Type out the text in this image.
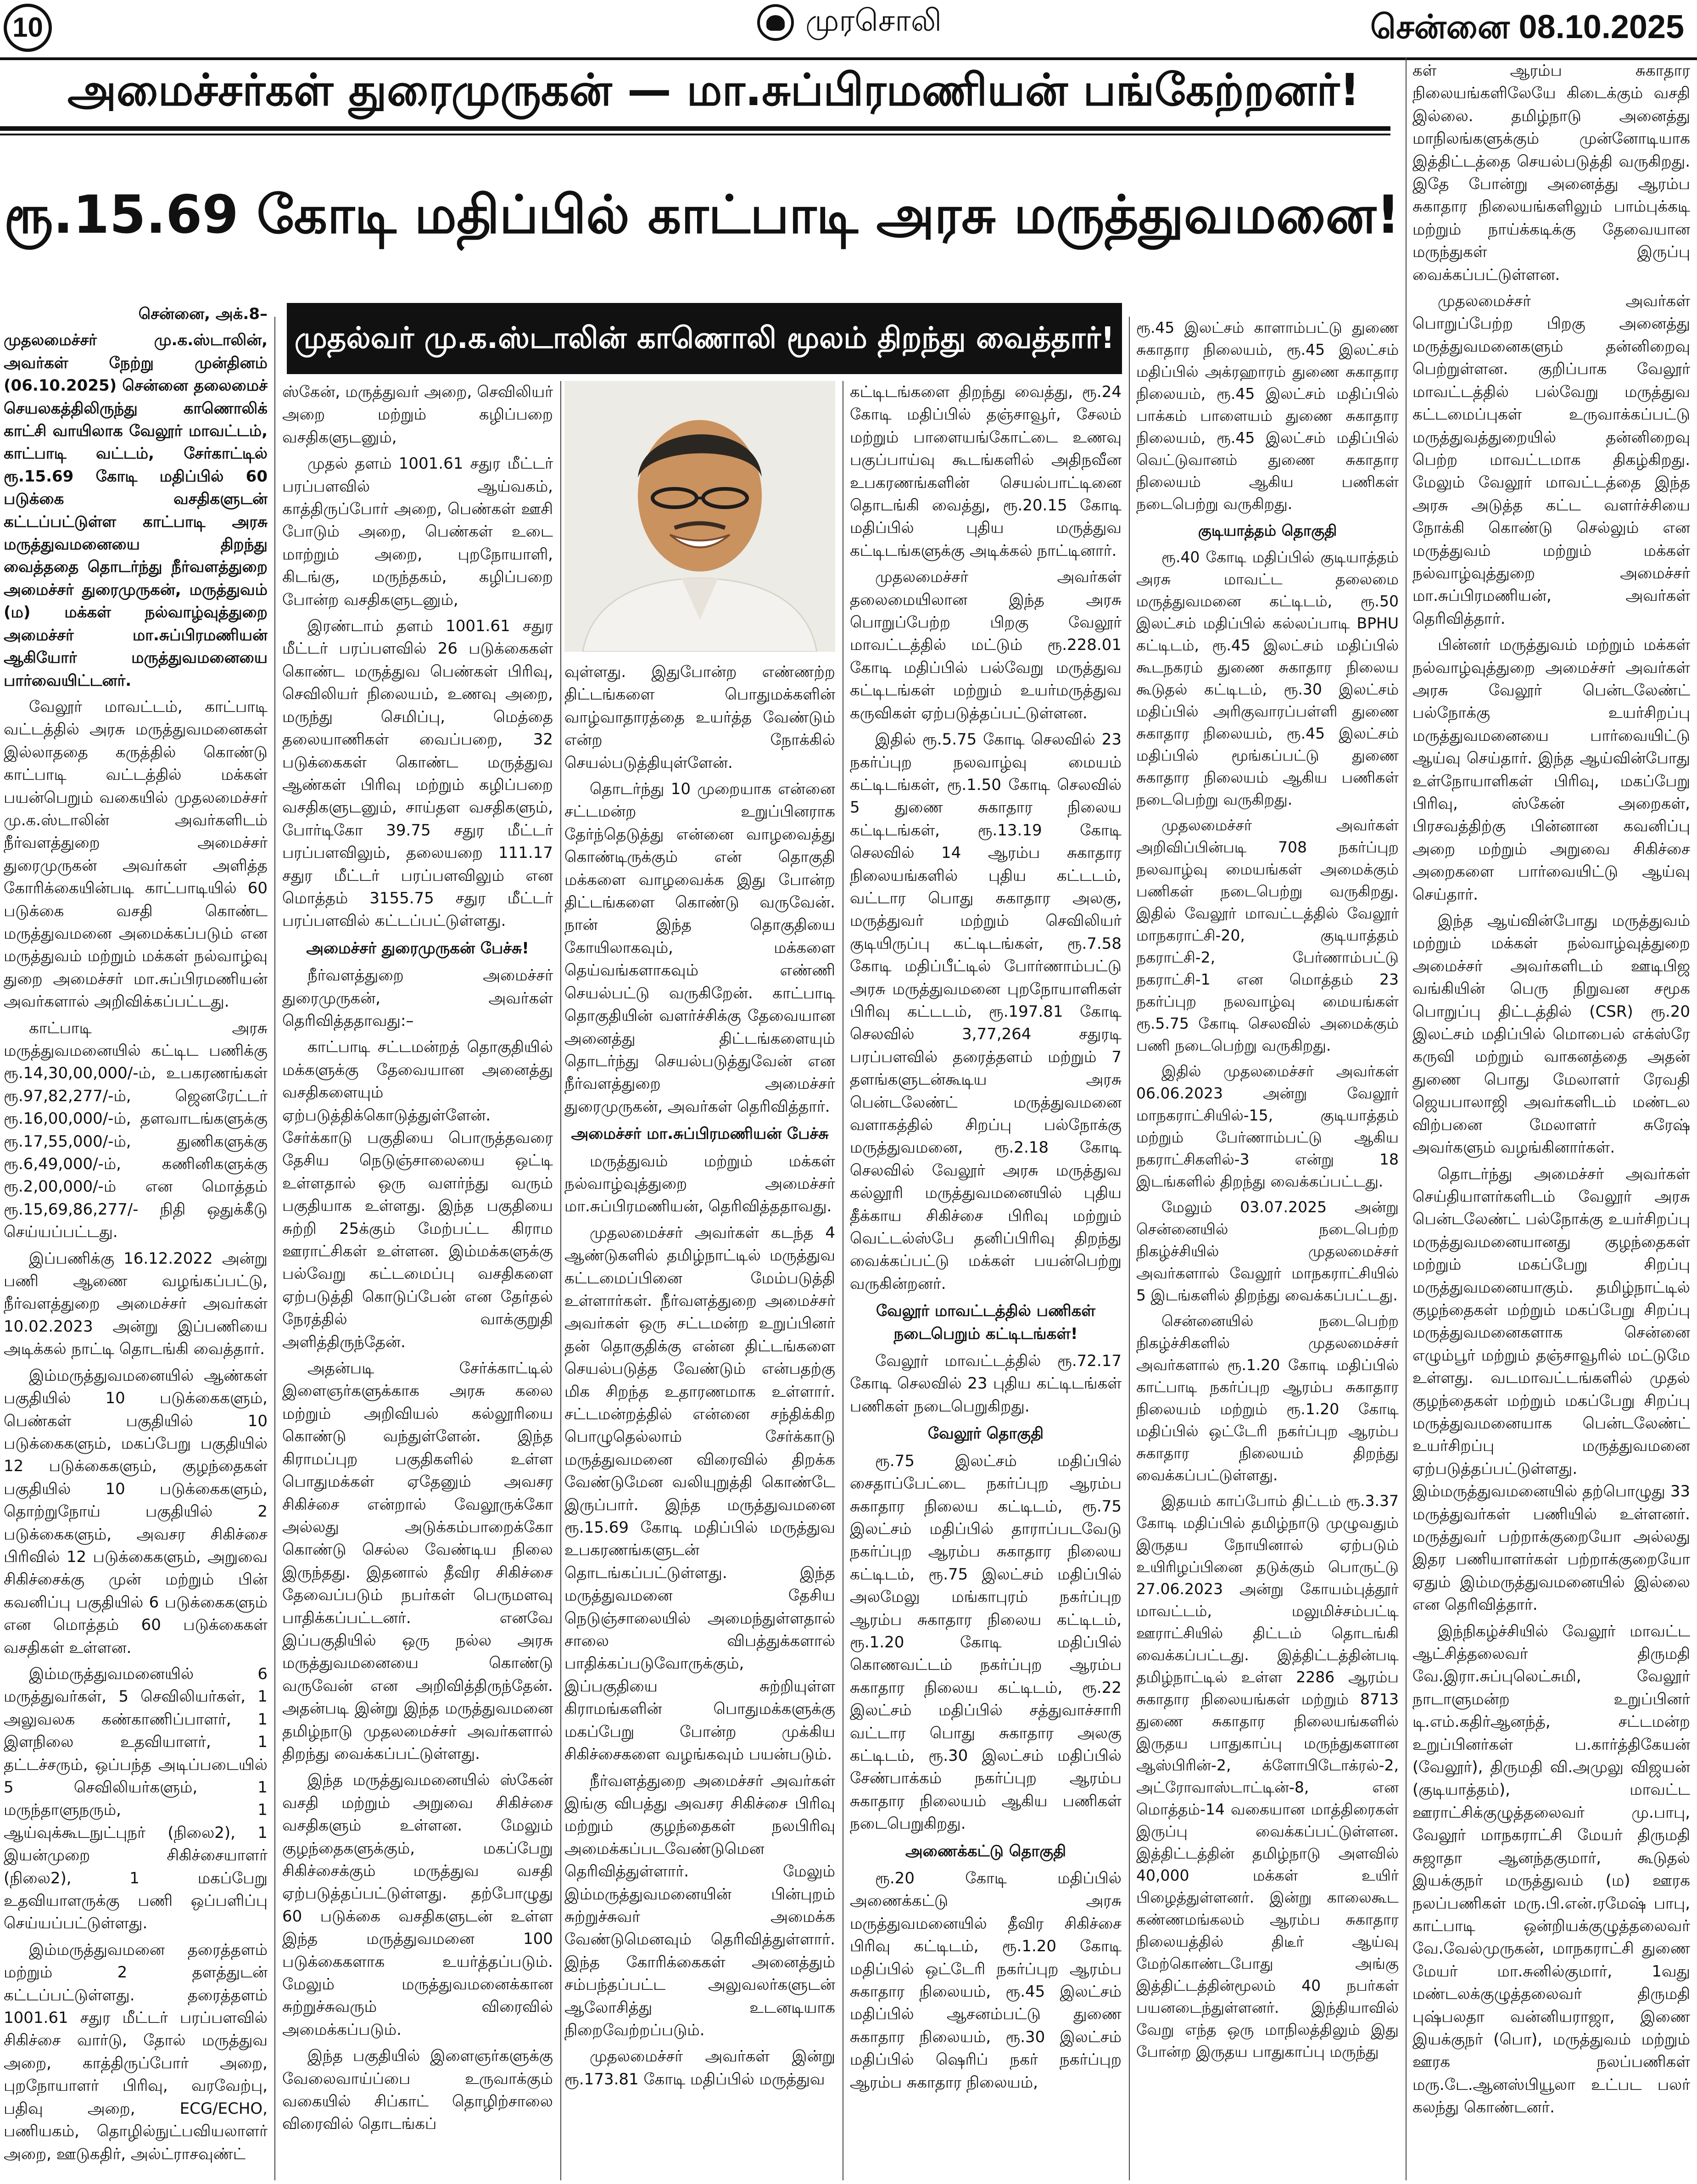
10	முரசொலி	சென்னை 08.10.2025
அமைச்சர்கள் துரைமுருகன் — மா.சுப்பிரமணியன் பங்கேற்றனர்!
ரூ.15.69 கோடி மதிப்பில் காட்பாடி அரசு மருத்துவமனை!
முதல்வர் மு.க.ஸ்டாலின் காணொலி மூலம் திறந்து வைத்தார்!

சென்னை, அக்.8–

முதலமைச்சர் மு.க.ஸ்டாலின், அவர்கள் நேற்று முன்தினம் (06.10.2025) சென்னை தலைமைச் செயலகத்திலிருந்து காணொலிக் காட்சி வாயிலாக வேலூர் மாவட்டம், காட்பாடி வட்டம், சேர்காட்டில் ரூ.15.69 கோடி மதிப்பில் 60 படுக்கை வசதிகளுடன் கட்டப்பட்டுள்ள காட்பாடி அரசு மருத்துவமனையை திறந்து வைத்ததை தொடர்ந்து நீர்வளத்துறை அமைச்சர் துரைமுருகன், மருத்துவம் (ம) மக்கள் நல்வாழ்வுத்துறை அமைச்சர் மா.சுப்பிரமணியன் ஆகியோர் மருத்துவமனையை பார்வையிட்டனர்.

வேலூர் மாவட்டம், காட்பாடி வட்டத்தில் அரசு மருத்துவமனைகள் இல்லாததை கருத்தில் கொண்டு காட்பாடி வட்டத்தில் மக்கள் பயன்பெறும் வகையில் முதலமைச்சர் மு.க.ஸ்டாலின் அவர்களிடம் நீர்வளத்துறை அமைச்சர் துரைமுருகன் அவர்கள் அளித்த கோரிக்கையின்படி காட்பாடியில் 60 படுக்கை வசதி கொண்ட மருத்துவமனை அமைக்கப்படும் என மருத்துவம் மற்றும் மக்கள் நல்வாழ்வு துறை அமைச்சர் மா.சுப்பிரமணியன் அவர்களால் அறிவிக்கப்பட்டது.

காட்பாடி அரசு மருத்துவமனையில் கட்டிட பணிக்கு ரூ.14,30,00,000/-ம், உபகரணங்கள் ரூ.97,82,277/-ம், ஜெனரேட்டர் ரூ.16,00,000/-ம், தளவாடங்களுக்கு ரூ.17,55,000/-ம், துணிகளுக்கு ரூ.6,49,000/-ம், கணினிகளுக்கு ரூ.2,00,000/-ம் என மொத்தம் ரூ.15,69,86,277/- நிதி ஒதுக்கீடு செய்யப்பட்டது.

இப்பணிக்கு 16.12.2022 அன்று பணி ஆணை வழங்கப்பட்டு, நீர்வளத்துறை அமைச்சர் அவர்கள் 10.02.2023 அன்று இப்பணியை அடிக்கல் நாட்டி தொடங்கி வைத்தார்.

இம்மருத்துவமனையில் ஆண்கள் பகுதியில் 10 படுக்கைகளும், பெண்கள் பகுதியில் 10 படுக்கைகளும், மகப்பேறு பகுதியில் 12 படுக்கைகளும், குழந்தைகள் பகுதியில் 10 படுக்கைகளும், தொற்றுநோய் பகுதியில் 2 படுக்கைகளும், அவசர சிகிச்சை பிரிவில் 12 படுக்கைகளும், அறுவை சிகிச்சைக்கு முன் மற்றும் பின் கவனிப்பு பகுதியில் 6 படுக்கைகளும் என மொத்தம் 60 படுக்கைகள் வசதிகள் உள்ளன.

இம்மருத்துவமனையில் 6 மருத்துவர்கள், 5 செவிலியர்கள், 1 அலுவலக கண்காணிப்பாளர், 1 இளநிலை உதவியாளர், 1 தட்டச்சரும், ஒப்பந்த அடிப்படையில் 5 செவிலியர்களும், 1 மருந்தாளுநரும், 1 ஆய்வுக்கூடநுட்புநர் (நிலை2), 1 இயன்முறை சிகிச்சையாளர் (நிலை2), 1 மகப்பேறு உதவியாளருக்கு பணி ஒப்பளிப்பு செய்யப்பட்டுள்ளது.

இம்மருத்துவமனை தரைத்தளம் மற்றும் 2 தளத்துடன் கட்டப்பட்டுள்ளது. தரைத்தளம் 1001.61 சதுர மீட்டர் பரப்பளவில் சிகிச்சை வார்டு, தோல் மருத்துவ அறை, காத்திருப்போர் அறை, புறநோயாளர் பிரிவு, வரவேற்பு, பதிவு அறை, ECG/ECHO, பணியகம், தொழில்நுட்பவியலாளர் அறை, ஊடுகதிர், அல்ட்ராசவுண்ட்

ஸ்கேன், மருத்துவர் அறை, செவிலியர் அறை மற்றும் கழிப்பறை வசதிகளுடனும்,

முதல் தளம் 1001.61 சதுர மீட்டர் பரப்பளவில் ஆய்வகம், காத்திருப்போர் அறை, பெண்கள் ஊசி போடும் அறை, பெண்கள் உடை மாற்றும் அறை, புறநோயாளி, கிடங்கு, மருந்தகம், கழிப்பறை போன்ற வசதிகளுடனும்,

இரண்டாம் தளம் 1001.61 சதுர மீட்டர் பரப்பளவில் 26 படுக்கைகள் கொண்ட மருத்துவ பெண்கள் பிரிவு, செவிலியர் நிலையம், உணவு அறை, மருந்து செமிப்பு, மெத்தை தலையாணிகள் வைப்பறை, 32 படுக்கைகள் கொண்ட மருத்துவ ஆண்கள் பிரிவு மற்றும் கழிப்பறை வசதிகளுடனும், சாய்தள வசதிகளும், போர்டிகோ 39.75 சதுர மீட்டர் பரப்பளவிலும், தலையறை 111.17 சதுர மீட்டர் பரப்பளவிலும் என மொத்தம் 3155.75 சதுர மீட்டர் பரப்பளவில் கட்டப்பட்டுள்ளது.

அமைச்சர் துரைமுருகன் பேச்சு!

நீர்வளத்துறை அமைச்சர் துரைமுருகன், அவர்கள் தெரிவித்ததாவது:–

காட்பாடி சட்டமன்றத் தொகுதியில் மக்களுக்கு தேவையான அனைத்து வசதிகளையும் ஏற்படுத்திக்கொடுத்துள்ளேன். சேர்க்காடு பகுதியை பொருத்தவரை தேசிய நெடுஞ்சாலையை ஒட்டி உள்ளதால் ஒரு வளர்ந்து வரும் பகுதியாக உள்ளது. இந்த பகுதியை சுற்றி 25க்கும் மேற்பட்ட கிராம ஊராட்சிகள் உள்ளன. இம்மக்களுக்கு பல்வேறு கட்டமைப்பு வசதிகளை ஏற்படுத்தி கொடுப்பேன் என தேர்தல் நேரத்தில் வாக்குறுதி அளித்திருந்தேன்.

அதன்படி சேர்க்காட்டில் இளைஞர்களுக்காக அரசு கலை மற்றும் அறிவியல் கல்லூரியை கொண்டு வந்துள்ளேன். இந்த கிராமப்புற பகுதிகளில் உள்ள பொதுமக்கள் ஏதேனும் அவசர சிகிச்சை என்றால் வேலூருக்கோ அல்லது அடுக்கம்பாறைக்கோ கொண்டு செல்ல வேண்டிய நிலை இருந்தது. இதனால் தீவிர சிகிச்சை தேவைப்படும் நபர்கள் பெருமளவு பாதிக்கப்பட்டனர். எனவே இப்பகுதியில் ஒரு நல்ல அரசு மருத்துவமனையை கொண்டு வருவேன் என அறிவித்திருந்தேன். அதன்படி இன்று இந்த மருத்துவமனை தமிழ்நாடு முதலமைச்சர் அவர்களால் திறந்து வைக்கப்பட்டுள்ளது.

இந்த மருத்துவமனையில் ஸ்கேன் வசதி மற்றும் அறுவை சிகிச்சை வசதிகளும் உள்ளன. மேலும் குழந்தைகளுக்கும், மகப்பேறு சிகிச்சைக்கும் மருத்துவ வசதி ஏற்படுத்தப்பட்டுள்ளது. தற்போழுது 60 படுக்கை வசதிகளுடன் உள்ள இந்த மருத்துவமனை 100 படுக்கைகளாக உயர்த்தப்படும். மேலும் மருத்துவமனைக்கான சுற்றுச்சுவரும் விரைவில் அமைக்கப்படும்.

இந்த பகுதியில் இளைஞர்களுக்கு வேலைவாய்ப்பை உருவாக்கும் வகையில் சிப்காட் தொழிற்சாலை விரைவில் தொடங்கப்

வுள்ளது. இதுபோன்ற எண்ணற்ற திட்டங்களை பொதுமக்களின் வாழ்வாதாரத்தை உயர்த்த வேண்டும் என்ற நோக்கில் செயல்படுத்தியுள்ளேன்.

தொடர்ந்து 10 முறையாக என்னை சட்டமன்ற உறுப்பினராக தேர்ந்தெடுத்து என்னை வாழவைத்து கொண்டிருக்கும் என் தொகுதி மக்களை வாழவைக்க இது போன்ற திட்டங்களை கொண்டு வருவேன். நான் இந்த தொகுதியை கோயிலாகவும், மக்களை தெய்வங்களாகவும் எண்ணி செயல்பட்டு வருகிறேன். காட்பாடி தொகுதியின் வளர்ச்சிக்கு தேவையான அனைத்து திட்டங்களையும் தொடர்ந்து செயல்படுத்துவேன் என நீர்வளத்துறை அமைச்சர் துரைமுருகன், அவர்கள் தெரிவித்தார்.

அமைச்சர் மா.சுப்பிரமணியன் பேச்சு

மருத்துவம் மற்றும் மக்கள் நல்வாழ்வுத்துறை அமைச்சர் மா.சுப்பிரமணியன், தெரிவித்ததாவது.

முதலமைச்சர் அவர்கள் கடந்த 4 ஆண்டுகளில் தமிழ்நாட்டில் மருத்துவ கட்டமைப்பினை மேம்படுத்தி உள்ளார்கள். நீர்வளத்துறை அமைச்சர் அவர்கள் ஒரு சட்டமன்ற உறுப்பினர் தன் தொகுதிக்கு என்ன திட்டங்களை செயல்படுத்த வேண்டும் என்பதற்கு மிக சிறந்த உதாரணமாக உள்ளார். சட்டமன்றத்தில் என்னை சந்திக்கிற பொழுதெல்லாம் சேர்க்காடு மருத்துவமனை விரைவில் திறக்க வேண்டுமேன வலியுறுத்தி கொண்டே இருப்பார். இந்த மருத்துவமனை ரூ.15.69 கோடி மதிப்பில் மருத்துவ உபகரணங்களுடன் தொடங்கப்பட்டுள்ளது. இந்த மருத்துவமனை தேசிய நெடுஞ்சாலையில் அமைந்துள்ளதால் சாலை விபத்துக்களால் பாதிக்கப்படுவோருக்கும், இப்பகுதியை சுற்றியுள்ள கிராமங்களின் பொதுமக்களுக்கு மகப்பேறு போன்ற முக்கிய சிகிச்சைகளை வழங்கவும் பயன்படும்.

நீர்வளத்துறை அமைச்சர் அவர்கள் இங்கு விபத்து அவசர சிகிச்சை பிரிவு மற்றும் குழந்தைகள் நலபிரிவு அமைக்கப்படவேண்டுமென தெரிவித்துள்ளார். மேலும் இம்மருத்துவமனையின் பின்புறம் சுற்றுச்சுவர் அமைக்க வேண்டுமெனவும் தெரிவித்துள்ளார். இந்த கோரிக்கைகள் அனைத்தும் சம்பந்தப்பட்ட அலுவலர்களுடன் ஆலோசித்து உடனடியாக நிறைவேற்றப்படும்.

முதலமைச்சர் அவர்கள் இன்று ரூ.173.81 கோடி மதிப்பில் மருத்துவ

கட்டிடங்களை திறந்து வைத்து, ரூ.24 கோடி மதிப்பில் தஞ்சாவூர், சேலம் மற்றும் பாளையங்கோட்டை உணவு பகுப்பாய்வு கூடங்களில் அதிநவீன உபகரணங்களின் செயல்பாட்டினை தொடங்கி வைத்து, ரூ.20.15 கோடி மதிப்பில் புதிய மருத்துவ கட்டிடங்களுக்கு அடிக்கல் நாட்டினார்.

முதலமைச்சர் அவர்கள் தலைமையிலான இந்த அரசு பொறுப்பேற்ற பிறகு வேலூர் மாவட்டத்தில் மட்டும் ரூ.228.01 கோடி மதிப்பில் பல்வேறு மருத்துவ கட்டிடங்கள் மற்றும் உயர்மருத்துவ கருவிகள் ஏற்படுத்தப்பட்டுள்ளன.

இதில் ரூ.5.75 கோடி செலவில் 23 நகர்ப்புற நலவாழ்வு மையம் கட்டிடங்கள், ரூ.1.50 கோடி செலவில் 5 துணை சுகாதார நிலைய கட்டிடங்கள், ரூ.13.19 கோடி செலவில் 14 ஆரம்ப சுகாதார நிலையங்களில் புதிய கட்டடம், வட்டார பொது சுகாதார அலகு, மருத்துவர் மற்றும் செவிலியர் குடியிருப்பு கட்டிடங்கள், ரூ.7.58 கோடி மதிப்பீட்டில் போர்ணாம்பட்டு அரசு மருத்துவமனை புறநோயாளிகள் பிரிவு கட்டடம், ரூ.197.81 கோடி செலவில் 3,77,264 சதுரடி பரப்பளவில் தரைத்தளம் மற்றும் 7 தளங்களுடன்கூடிய அரசு பென்டலேண்ட் மருத்துவமனை வளாகத்தில் சிறப்பு பல்நோக்கு மருத்துவமனை, ரூ.2.18 கோடி செலவில் வேலூர் அரசு மருத்துவ கல்லூரி மருத்துவமனையில் புதிய தீக்காய சிகிச்சை பிரிவு மற்றும் வெட்டல்ஸ்பே தனிப்பிரிவு திறந்து வைக்கப்பட்டு மக்கள் பயன்பெற்று வருகின்றனர்.

வேலூர் மாவட்டத்தில் பணிகள் நடைபெறும் கட்டிடங்கள்!

வேலூர் மாவட்டத்தில் ரூ.72.17 கோடி செலவில் 23 புதிய கட்டிடங்கள் பணிகள் நடைபெறுகிறது.

வேலூர் தொகுதி

ரூ.75 இலட்சம் மதிப்பில் சைதாப்பேட்டை நகர்ப்புற ஆரம்ப சுகாதார நிலைய கட்டிடம், ரூ.75 இலட்சம் மதிப்பில் தாராப்படவேடு நகர்ப்புற ஆரம்ப சுகாதார நிலைய கட்டிடம், ரூ.75 இலட்சம் மதிப்பில் அலமேலு மங்காபுரம் நகர்ப்புற ஆரம்ப சுகாதார நிலைய கட்டிடம், ரூ.1.20 கோடி மதிப்பில் கொணவட்டம் நகர்ப்புற ஆரம்ப சுகாதார நிலைய கட்டிடம், ரூ.22 இலட்சம் மதிப்பில் சத்துவாச்சாரி வட்டார பொது சுகாதார அலகு கட்டிடம், ரூ.30 இலட்சம் மதிப்பில் சேண்பாக்கம் நகர்ப்புற ஆரம்ப சுகாதார நிலையம் ஆகிய பணிகள் நடைபெறுகிறது.

அணைக்கட்டு தொகுதி

ரூ.20 கோடி மதிப்பில் அணைக்கட்டு அரசு மருத்துவமனையில் தீவிர சிகிச்சை பிரிவு கட்டிடம், ரூ.1.20 கோடி மதிப்பில் ஒட்டேரி நகர்ப்புற ஆரம்ப சுகாதார நிலையம், ரூ.45 இலட்சம் மதிப்பில் ஆசனம்பட்டு துணை சுகாதார நிலையம், ரூ.30 இலட்சம் மதிப்பில் ஷெரிப் நகர் நகர்ப்புற ஆரம்ப சுகாதார நிலையம்,

ரூ.45 இலட்சம் காளாம்பட்டு துணை சுகாதார நிலையம், ரூ.45 இலட்சம் மதிப்பில் அக்ரஹாரம் துணை சுகாதார நிலையம், ரூ.45 இலட்சம் மதிப்பில் பாக்கம் பாளையம் துணை சுகாதார நிலையம், ரூ.45 இலட்சம் மதிப்பில் வெட்டுவானம் துணை சுகாதார நிலையம் ஆகிய பணிகள் நடைபெற்று வருகிறது.

குடியாத்தம் தொகுதி

ரூ.40 கோடி மதிப்பில் குடியாத்தம் அரசு மாவட்ட தலைமை மருத்துவமனை கட்டிடம், ரூ.50 இலட்சம் மதிப்பில் கல்லப்பாடி BPHU கட்டிடம், ரூ.45 இலட்சம் மதிப்பில் கூடநகரம் துணை சுகாதார நிலைய கூடுதல் கட்டிடம், ரூ.30 இலட்சம் மதிப்பில் அரிகுவாரப்பள்ளி துணை சுகாதார நிலையம், ரூ.45 இலட்சம் மதிப்பில் மூங்கப்பட்டு துணை சுகாதார நிலையம் ஆகிய பணிகள் நடைபெற்று வருகிறது.

முதலமைச்சர் அவர்கள் அறிவிப்பின்படி 708 நகர்ப்புற நலவாழ்வு மையங்கள் அமைக்கும் பணிகள் நடைபெற்று வருகிறது. இதில் வேலூர் மாவட்டத்தில் வேலூர் மாநகராட்சி-20, குடியாத்தம் நகராட்சி-2, பேர்ணாம்பட்டு நகராட்சி-1 என மொத்தம் 23 நகர்ப்புற நலவாழ்வு மையங்கள் ரூ.5.75 கோடி செலவில் அமைக்கும் பணி நடைபெற்று வருகிறது.

இதில் முதலமைச்சர் அவர்கள் 06.06.2023 அன்று வேலூர் மாநகராட்சியில்-15, குடியாத்தம் மற்றும் பேர்ணாம்பட்டு ஆகிய நகராட்சிகளில்-3 என்று 18 இடங்களில் திறந்து வைக்கப்பட்டது.

மேலும் 03.07.2025 அன்று சென்னையில் நடைபெற்ற நிகழ்ச்சியில் முதலமைச்சர் அவர்களால் வேலூர் மாநகராட்சியில் 5 இடங்களில் திறந்து வைக்கப்பட்டது.

சென்னையில் நடைபெற்ற நிகழ்ச்சிகளில் முதலமைச்சர் அவர்களால் ரூ.1.20 கோடி மதிப்பில் காட்பாடி நகர்ப்புற ஆரம்ப சுகாதார நிலையம் மற்றும் ரூ.1.20 கோடி மதிப்பில் ஒட்டேரி நகர்ப்புற ஆரம்ப சுகாதார நிலையம் திறந்து வைக்கப்பட்டுள்ளது.

இதயம் காப்போம் திட்டம் ரூ.3.37 கோடி மதிப்பில் தமிழ்நாடு முழுவதும் இருதய நோயினால் ஏற்படும் உயிரிழப்பினை தடுக்கும் பொருட்டு 27.06.2023 அன்று கோயம்புத்தூர் மாவட்டம், மலுமிச்சம்பட்டி ஊராட்சியில் திட்டம் தொடங்கி வைக்கப்பட்டது. இத்திட்டத்தின்படி தமிழ்நாட்டில் உள்ள 2286 ஆரம்ப சுகாதார நிலையங்கள் மற்றும் 8713 துணை சுகாதார நிலையங்களில் இருதய பாதுகாப்பு மருந்துகளான ஆஸ்பிரின்-2, க்ளோபிடோக்ரல்-2, அட்ரோவாஸ்டாட்டின்-8, என மொத்தம்-14 வகையான மாத்திரைகள் இருப்பு வைக்கப்பட்டுள்ளன. இத்திட்டத்தின் தமிழ்நாடு அளவில் 40,000 மக்கள் உயிர் பிழைத்துள்ளனர். இன்று காலைகூட கண்ணமங்கலம் ஆரம்ப சுகாதார நிலையத்தில் திடீர் ஆய்வு மேற்கொண்டபோது அங்கு இத்திட்டத்தின்மூலம் 40 நபர்கள் பயனடைந்துள்ளனர். இந்தியாவில் வேறு எந்த ஒரு மாநிலத்திலும் இது போன்ற இருதய பாதுகாப்பு மருந்து

கள் ஆரம்ப சுகாதார நிலையங்களிலேயே கிடைக்கும் வசதி இல்லை. தமிழ்நாடு அனைத்து மாநிலங்களுக்கும் முன்னோடியாக இத்திட்டத்தை செயல்படுத்தி வருகிறது. இதே போன்று அனைத்து ஆரம்ப சுகாதார நிலையங்களிலும் பாம்புக்கடி மற்றும் நாய்க்கடிக்கு தேவையான மருந்துகள் இருப்பு வைக்கப்பட்டுள்ளன.

முதலமைச்சர் அவர்கள் பொறுப்பேற்ற பிறகு அனைத்து மருத்துவமனைகளும் தன்னிறைவு பெற்றுள்ளன. குறிப்பாக வேலூர் மாவட்டத்தில் பல்வேறு மருத்துவ கட்டமைப்புகள் உருவாக்கப்பட்டு மருத்துவத்துறையில் தன்னிறைவு பெற்ற மாவட்டமாக திகழ்கிறது. மேலும் வேலூர் மாவட்டத்தை இந்த அரசு அடுத்த கட்ட வளர்ச்சியை நோக்கி கொண்டு செல்லும் என மருத்துவம் மற்றும் மக்கள் நல்வாழ்வுத்துறை அமைச்சர் மா.சுப்பிரமணியன், அவர்கள் தெரிவித்தார்.

பின்னர் மருத்துவம் மற்றும் மக்கள் நல்வாழ்வுத்துறை அமைச்சர் அவர்கள் அரசு வேலூர் பென்டலேண்ட் பல்நோக்கு உயர்சிறப்பு மருத்துவமனையை பார்வையிட்டு ஆய்வு செய்தார். இந்த ஆய்வின்போது உள்நோயாளிகள் பிரிவு, மகப்பேறு பிரிவு, ஸ்கேன் அறைகள், பிரசவத்திற்கு பின்னான கவனிப்பு அறை மற்றும் அறுவை சிகிச்சை அறைகளை பார்வையிட்டு ஆய்வு செய்தார்.

இந்த ஆய்வின்போது மருத்துவம் மற்றும் மக்கள் நல்வாழ்வுத்துறை அமைச்சர் அவர்களிடம் ஊடிபிஜ வங்கியின் பெரு நிறுவன சமூக பொறுப்பு திட்டத்தில் (CSR) ரூ.20 இலட்சம் மதிப்பில் மொபைல் எக்ஸ்ரே கருவி மற்றும் வாகனத்தை அதன் துணை பொது மேலாளர் ரேவதி ஜெயபாலாஜி அவர்களிடம் மண்டல விற்பனை மேலாளர் சுரேஷ் அவர்களும் வழங்கினார்கள்.

தொடர்ந்து அமைச்சர் அவர்கள் செய்தியாளர்களிடம் வேலூர் அரசு பென்டலேண்ட் பல்நோக்கு உயர்சிறப்பு மருத்துவமனையானது குழந்தைகள் மற்றும் மகப்பேறு சிறப்பு மருத்துவமனையாகும். தமிழ்நாட்டில் குழந்தைகள் மற்றும் மகப்பேறு சிறப்பு மருத்துவமனைகளாக சென்னை எழும்பூர் மற்றும் தஞ்சாவூரில் மட்டுமே உள்ளது. வடமாவட்டங்களில் முதல் குழந்தைகள் மற்றும் மகப்பேறு சிறப்பு மருத்துவமனையாக பென்டலேண்ட் உயர்சிறப்பு மருத்துவமனை ஏற்படுத்தப்பட்டுள்ளது. இம்மருத்துவமனையில் தற்பொழுது 33 மருத்துவர்கள் பணியில் உள்ளனர். மருத்துவர் பற்றாக்குறையோ அல்லது இதர பணியாளர்கள் பற்றாக்குறையோ ஏதும் இம்மருத்துவமனையில் இல்லை என தெரிவித்தார்.

இந்நிகழ்ச்சியில் வேலூர் மாவட்ட ஆட்சித்தலைவர் திருமதி வே.இரா.சுப்புலெட்சுமி, வேலூர் நாடாளுமன்ற உறுப்பினர் டி.எம்.கதிர்ஆனந்த், சட்டமன்ற உறுப்பினர்கள் ப.கார்த்திகேயன் (வேலூர்), திருமதி வி.அமுலு விஜயன் (குடியாத்தம்), மாவட்ட ஊராட்சிக்குழுத்தலைவர் மு.பாபு, வேலூர் மாநகராட்சி மேயர் திருமதி சுஜாதா ஆனந்தகுமார், கூடுதல் இயக்குநர் மருத்துவம் (ம) ஊரக நலப்பணிகள் மரு.பி.என்.ரமேஷ் பாபு, காட்பாடி ஒன்றியக்குழுத்தலைவர் வே.வேல்முருகன், மாநகராட்சி துணை மேயர் மா.சுனில்குமார், 1வது மண்டலக்குழுத்தலைவர் திருமதி புஷ்பலதா வன்னியராஜா, இணை இயக்குநர் (பொ), மருத்துவம் மற்றும் ஊரக நலப்பணிகள் மரு.டே.ஆனஸ்பியூலா உட்பட பலர் கலந்து கொண்டனர்.
